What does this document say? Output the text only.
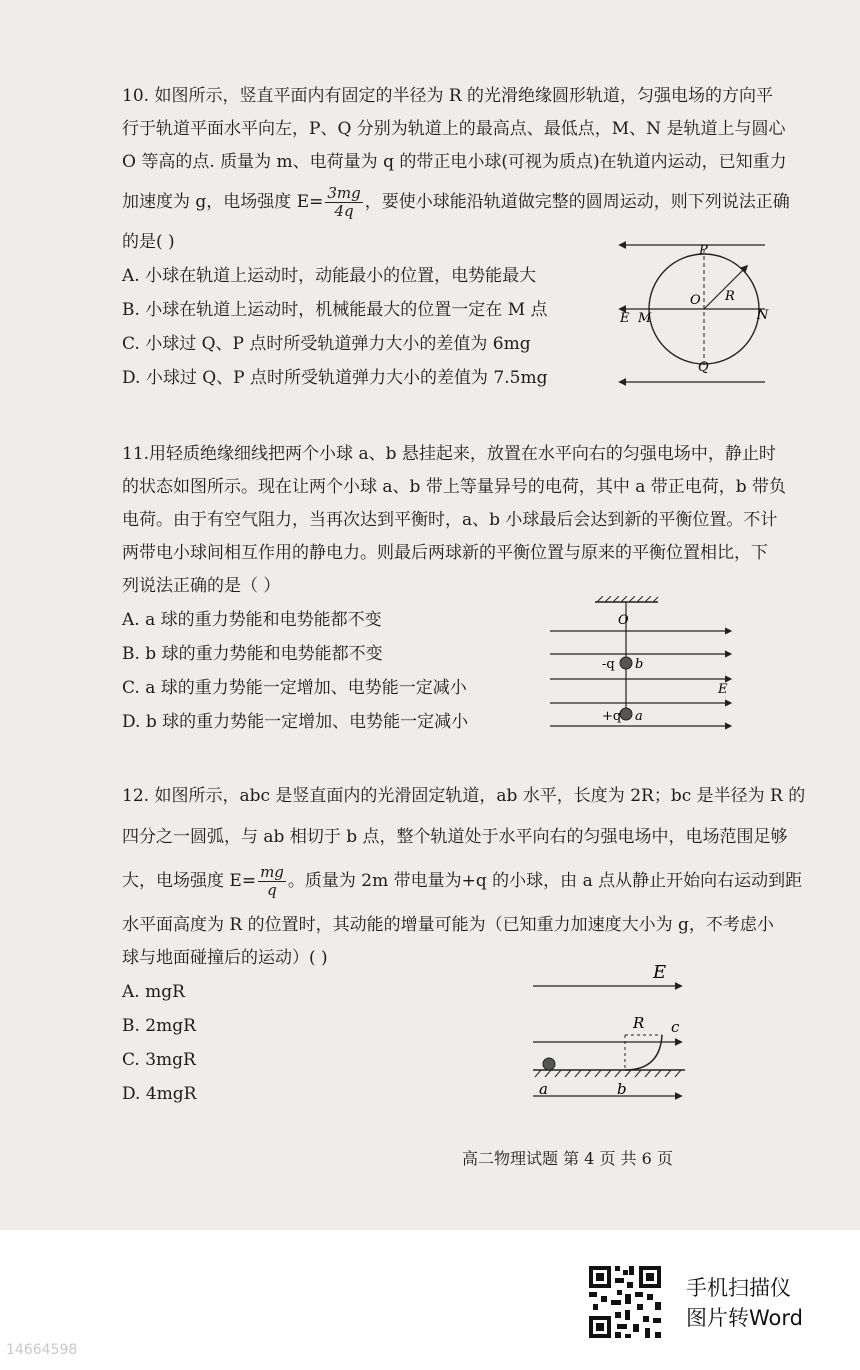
10. 如图所示，竖直平面内有固定的半径为 R 的光滑绝缘圆形轨道，匀强电场的方向平
行于轨道平面水平向左，P、Q 分别为轨道上的最高点、最低点，M、N 是轨道上与圆心
O 等高的点. 质量为 m、电荷量为 q 的带正电小球(可视为质点)在轨道内运动，已知重力
加速度为 g，电场强度 $E= \frac{3mg}{4q}$ ，要使小球能沿轨道做完整的圆周运动，则下列说法正确
的是( )
A. 小球在轨道上运动时，动能最小的位置，电势能最大
B. 小球在轨道上运动时，机械能最大的位置一定在 M 点
C. 小球过 Q、P 点时所受轨道弹力大小的差值为 6mg
D. 小球过 Q、P 点时所受轨道弹力大小的差值为 7.5mg
P
Q
O R
E M	N
11.用轻质绝缘细线把两个小球 a、b 悬挂起来，放置在水平向右的匀强电场中，静止时
的状态如图所示。现在让两个小球 a、b 带上等量异号的电荷，其中 a 带正电荷，b 带负
电荷。由于有空气阻力，当再次达到平衡时，a、b 小球最后会达到新的平衡位置。不计
两带电小球间相互作用的静电力。则最后两球新的平衡位置与原来的平衡位置相比，下
列说法正确的是（ ）
A. a 球的重力势能和电势能都不变
B. b 球的重力势能和电势能都不变
C. a 球的重力势能一定增加、电势能一定减小
D. b 球的重力势能一定增加、电势能一定减小
O
-q b
E
+q a
12. 如图所示，abc 是竖直面内的光滑固定轨道，ab 水平，长度为 2R；bc 是半径为 R 的
四分之一圆弧，与 ab 相切于 b 点，整个轨道处于水平向右的匀强电场中，电场范围足够
大，电场强度 $E= \frac{mg}{q}$ 。质量为 2m 带电量为+q 的小球，由 a 点从静止开始向右运动到距
水平面高度为 R 的位置时，其动能的增量可能为（已知重力加速度大小为 g，不考虑小
球与地面碰撞后的运动）( )
A. mgR
B. 2mgR
C. 3mgR
D. 4mgR
E
R c
a	b
高二物理试题 第 4 页 共 6 页
手机扫描仪
图片转Word
14664598
